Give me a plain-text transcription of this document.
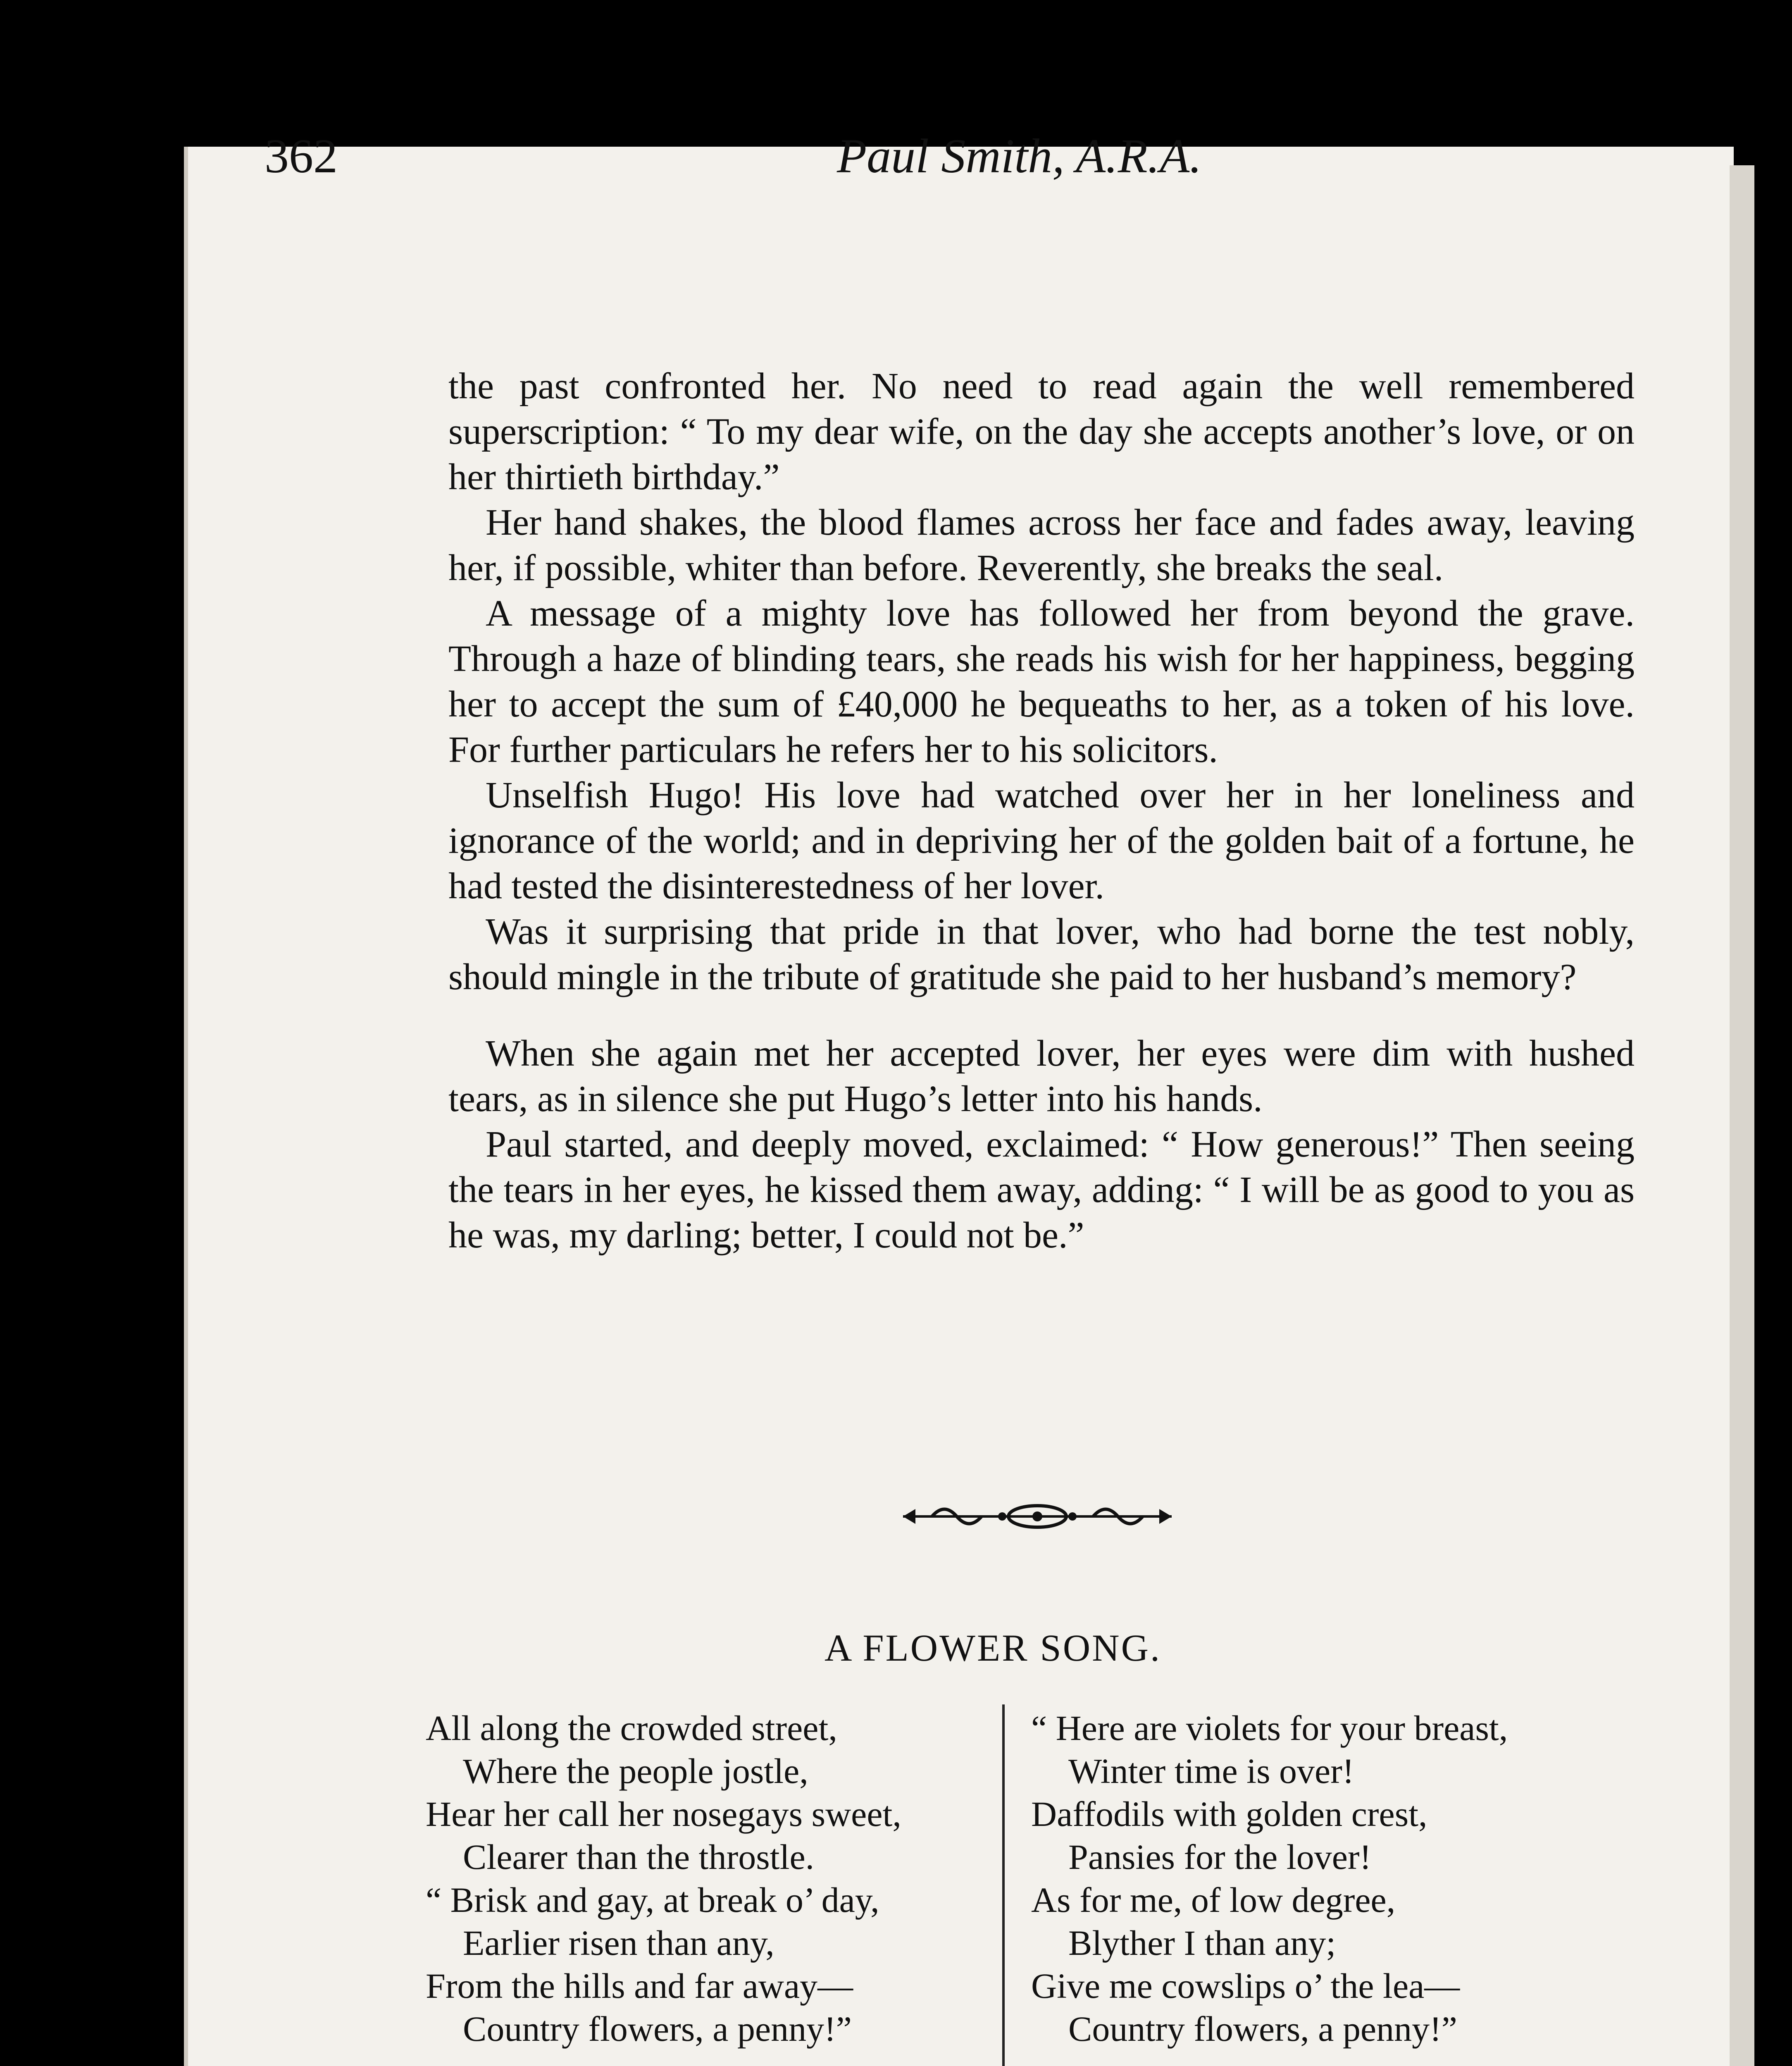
362	Paul Smith, A.R.A.

the past confronted her. No need to read again the well remembered superscription: “ To my dear wife, on the day she accepts another’s love, or on her thirtieth birthday.”

Her hand shakes, the blood flames across her face and fades away, leaving her, if possible, whiter than before. Reverently, she breaks the seal.

A message of a mighty love has followed her from beyond the grave. Through a haze of blinding tears, she reads his wish for her happiness, begging her to accept the sum of £40,000 he bequeaths to her, as a token of his love. For further particulars he refers her to his solicitors.

Unselfish Hugo! His love had watched over her in her loneliness and ignorance of the world; and in depriving her of the golden bait of a fortune, he had tested the disinterestedness of her lover.

Was it surprising that pride in that lover, who had borne the test nobly, should mingle in the tribute of gratitude she paid to her husband’s memory?

When she again met her accepted lover, her eyes were dim with hushed tears, as in silence she put Hugo’s letter into his hands.

Paul started, and deeply moved, exclaimed: “ How generous!” Then seeing the tears in her eyes, he kissed them away, adding: “ I will be as good to you as he was, my darling; better, I could not be.”

A FLOWER SONG.
All along the crowded street,
Where the people jostle,
Hear her call her nosegays sweet,
Clearer than the throstle.
“ Brisk and gay, at break o’ day,
Earlier risen than any,
From the hills and far away—
Country flowers, a penny!”
“ Here are violets for your breast,
Winter time is over!
Daffodils with golden crest,
Pansies for the lover!
As for me, of low degree,
Blyther I than any;
Give me cowslips o’ the lea—
Country flowers, a penny!”
